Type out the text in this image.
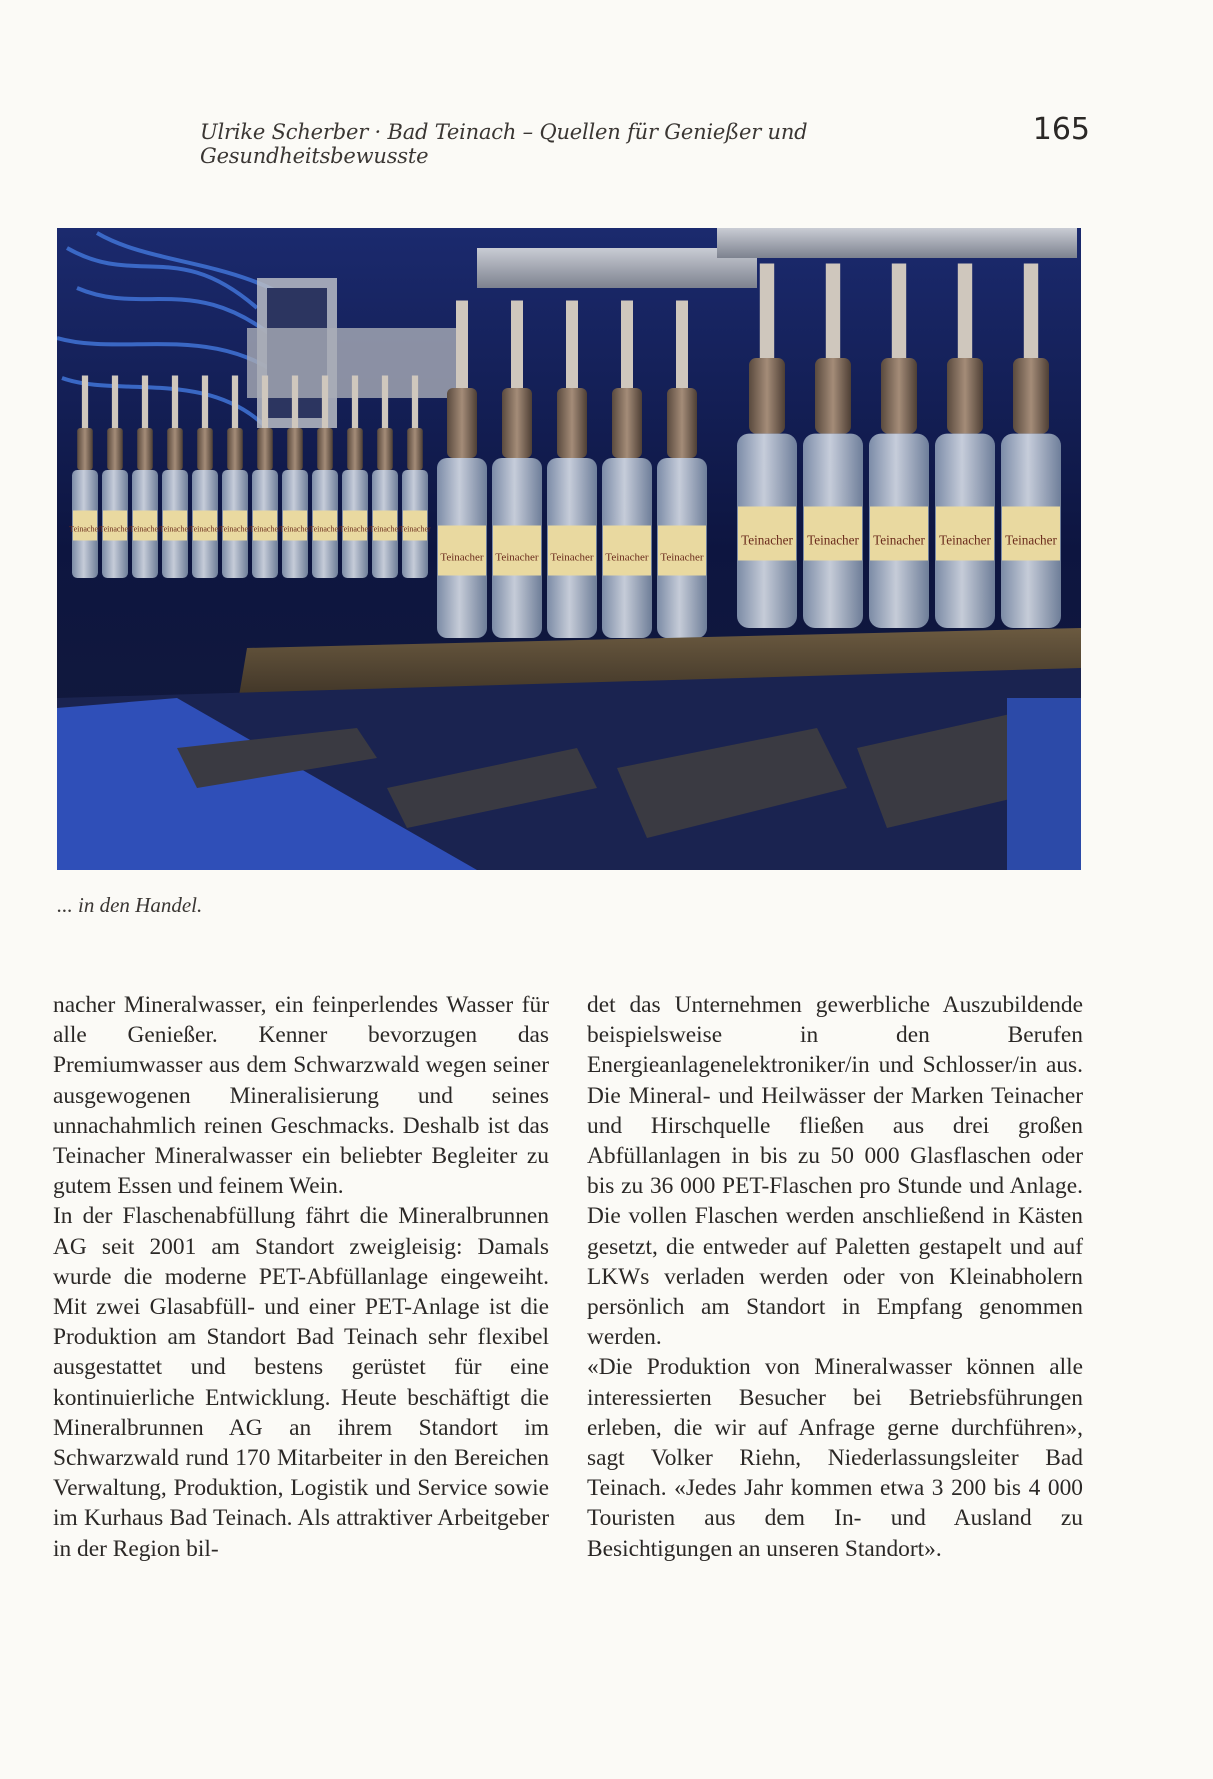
Ulrike Scherber · Bad Teinach – Quellen für Genießer und Gesundheitsbewusste
165
Teinacher
Teinacher
Teinacher
Teinacher
Teinacher
Teinacher
Teinacher
Teinacher
Teinacher
Teinacher
Teinacher
Teinacher
Teinacher Teinacher Teinacher Teinacher Teinacher
Teinacher Teinacher Teinacher Teinacher Teinacher
... in den Handel.

nacher Mineralwasser, ein feinperlendes Wasser für alle Genießer. Kenner bevorzugen das Premiumwasser aus dem Schwarzwald wegen seiner ausgewogenen Mineralisierung und seines unnachahmlich reinen Geschmacks. Deshalb ist das Teinacher Mineralwasser ein beliebter Begleiter zu gutem Essen und feinem Wein.

In der Flaschenabfüllung fährt die Mineralbrunnen AG seit 2001 am Standort zweigleisig: Damals wurde die moderne PET-Abfüllanlage eingeweiht. Mit zwei Glasabfüll- und einer PET-Anlage ist die Produktion am Standort Bad Teinach sehr flexibel ausgestattet und bestens gerüstet für eine kontinuierliche Entwicklung. Heute beschäftigt die Mineralbrunnen AG an ihrem Standort im Schwarzwald rund 170 Mitarbeiter in den Bereichen Verwaltung, Produktion, Logistik und Service sowie im Kurhaus Bad Teinach. Als attraktiver Arbeitgeber in der Region bil-

det das Unternehmen gewerbliche Auszubildende beispielsweise in den Berufen Energieanlagenelektroniker/in und Schlosser/in aus. Die Mineral- und Heilwässer der Marken Teinacher und Hirschquelle fließen aus drei großen Abfüllanlagen in bis zu 50 000 Glasflaschen oder bis zu 36 000 PET-Flaschen pro Stunde und Anlage. Die vollen Flaschen werden anschließend in Kästen gesetzt, die entweder auf Paletten gestapelt und auf LKWs verladen werden oder von Kleinabholern persönlich am Standort in Empfang genommen werden.

«Die Produktion von Mineralwasser können alle interessierten Besucher bei Betriebsführungen erleben, die wir auf Anfrage gerne durchführen», sagt Volker Riehn, Niederlassungsleiter Bad Teinach. «Jedes Jahr kommen etwa 3 200 bis 4 000 Touristen aus dem In- und Ausland zu Besichtigungen an unseren Standort».
